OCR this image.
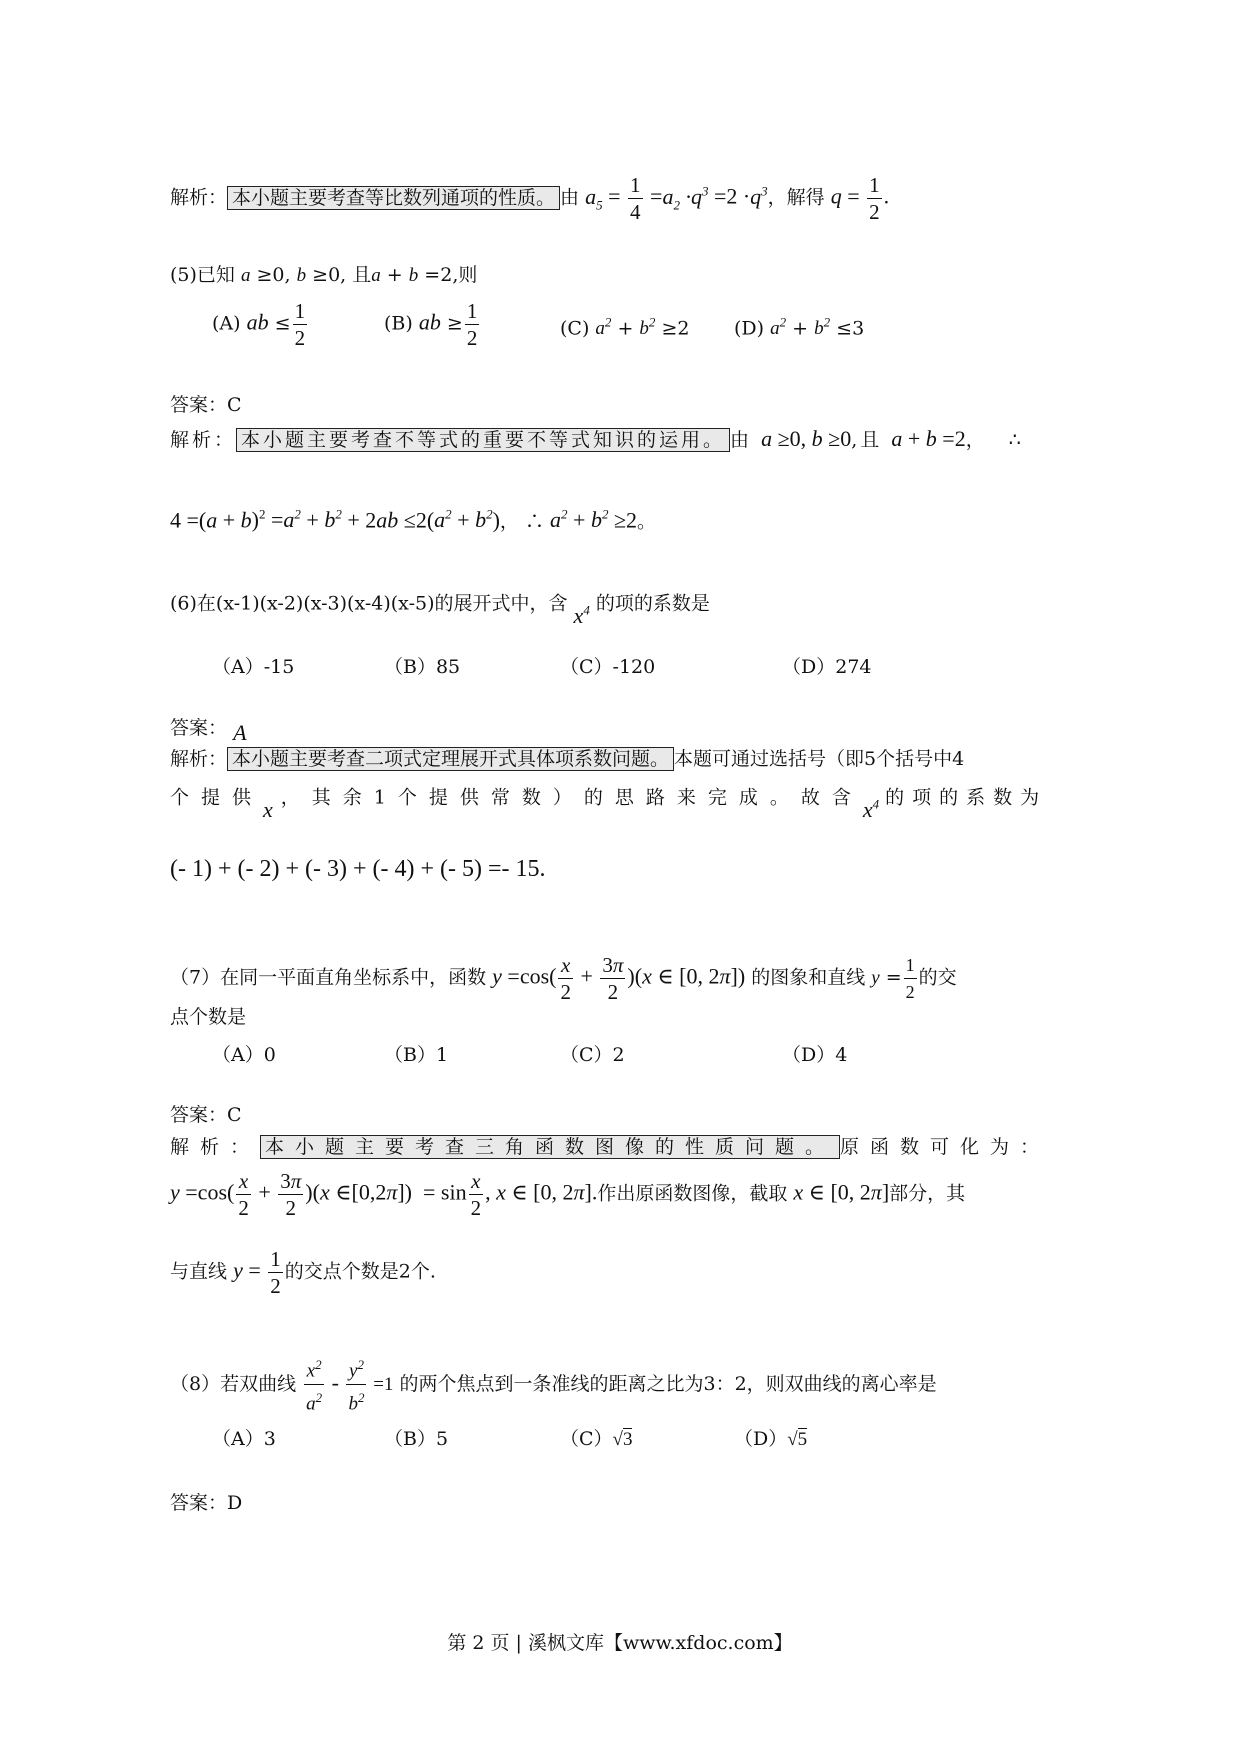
解析： 本小题主要考查等比数列通项的性质。 由 $a_5 = \frac{1}{4} =a_2 \cdot q^3 =2 \cdot q^3$，解得 $q = \frac{1}{2}$ .
(5)已知 a ≥0, b ≥0, 且a + b =2,则
(A) ab ≤ $\frac{1}{2}$	(B) ab ≥ $\frac{1}{2}$	(C) $a^2 + b^2 \ge 2$ (D) $a^2 + b^2 \le 3$
答案：C
解析： 本小题主要考查不等式的重要不等式知识的运用。 由 a ≥0, b ≥0,且 a + b =2， ∴
$4 =(a + b)^2 =a^2 + b^2 + 2ab \le 2(a^2 + b^2)$， ∴ $a^2 + b^2 \ge 2$。
(6)在(x-1)(x-2)(x-3)(x-4)(x-5)的展开式中，含 $x^4$ 的项的系数是
（A）-15	（B）85	（C）-120	（D）274
答案： A
解析： 本小题主要考查二项式定理展开式具体项系数问题。 本题可通过选括号（即5个括号中4
个提供x ，其余1个提供常数）的思路来完成。故含$x^4$ 的项的系数为
(- 1) + (- 2) + (- 3) + (- 4) + (- 5) =- 15.
（7）在同一平面直角坐标系中，函数 $y =\cos( \frac{x}{2} + \frac{3\pi}{2} )(x$ ∈ [0, 2π]) 的图象和直线 $y = \frac{1}{2}$ 的交
点个数是
（A）0	（B）1	（C）2	（D）4
答案：C
解析： 本小题主要考查三角函数图像的性质问题。 原函数可化为：
$y =\cos( \frac{x}{2} + \frac{3\pi}{2} )(x$ ∈[0,2π])  = $\sin \frac{x}{2}$ , x ∈ [0, 2π].作出原函数图像，截取 x ∈ [0, 2π]部分，其
与直线 $y = \frac{1}{2}$ 的交点个数是2个.
（8）若双曲线 $\frac{x^2}{a^2} - \frac{y^2}{b^2} =1$ 的两个焦点到一条准线的距离之比为3：2，则双曲线的离心率是
（A）3	（B）5	（C）√3	（D）√5
答案：D
第 2 页 | 溪枫文库【www.xfdoc.com】
